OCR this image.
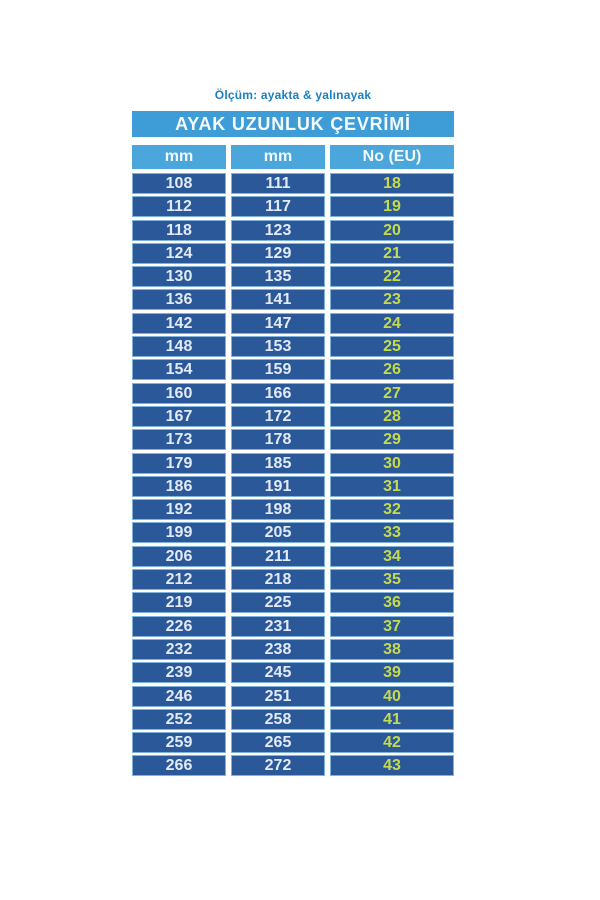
Ölçüm: ayakta & yalınayak
AYAK UZUNLUK ÇEVRİMİ
mm	mm	No (EU)
108	111	18
112	117	19
118	123	20
124	129	21
130	135	22
136	141	23
142	147	24
148	153	25
154	159	26
160	166	27
167	172	28
173	178	29
179	185	30
186	191	31
192	198	32
199	205	33
206	211	34
212	218	35
219	225	36
226	231	37
232	238	38
239	245	39
246	251	40
252	258	41
259	265	42
266	272	43
